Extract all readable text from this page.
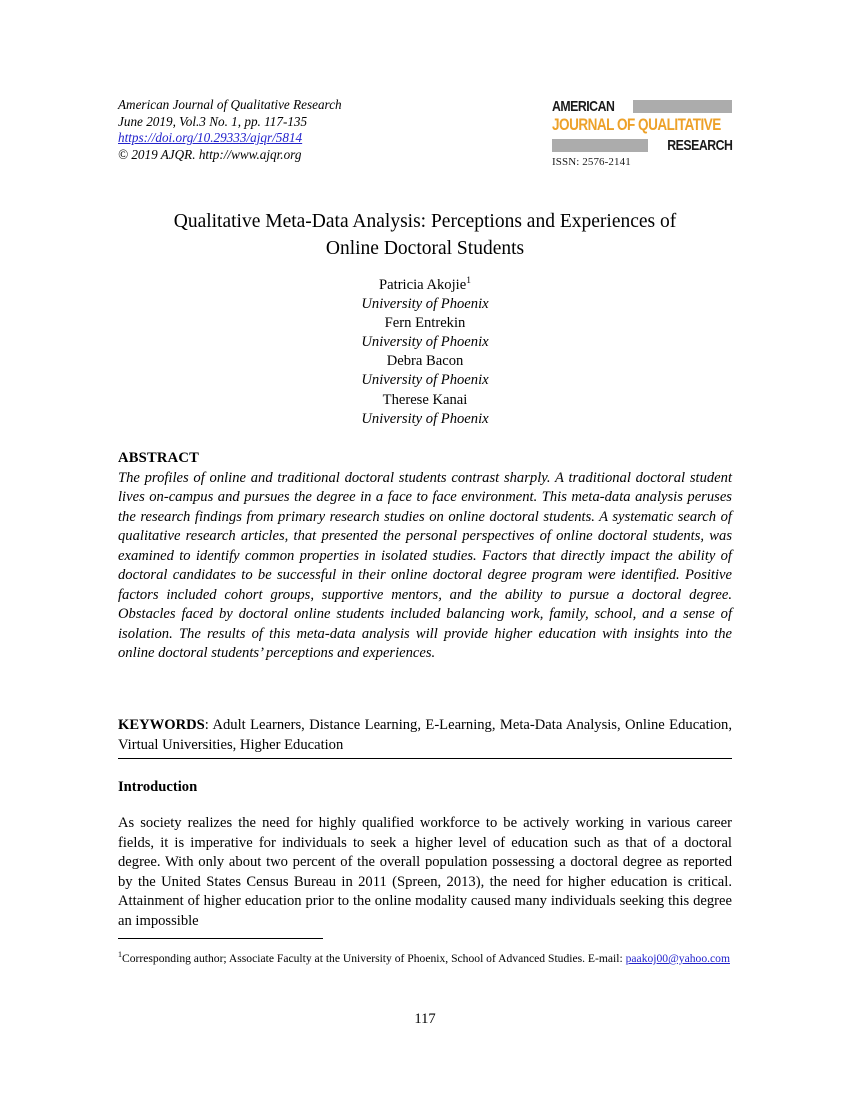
American Journal of Qualitative Research
June 2019, Vol.3 No. 1, pp. 117-135
https://doi.org/10.29333/ajqr/5814
© 2019 AJQR. http://www.ajqr.org
AMERICAN
JOURNAL OF QUALITATIVE
RESEARCH
ISSN: 2576-2141
Qualitative Meta-Data Analysis: Perceptions and Experiences of
Online Doctoral Students
Patricia Akojie$^1$
University of Phoenix
Fern Entrekin
University of Phoenix
Debra Bacon
University of Phoenix
Therese Kanai
University of Phoenix
ABSTRACT
The profiles of online and traditional doctoral students contrast sharply. A traditional doctoral student lives on-campus and pursues the degree in a face to face environment. This meta-data analysis peruses the research findings from primary research studies on online doctoral students. A systematic search of qualitative research articles, that presented the personal perspectives of online doctoral students, was examined to identify common properties in isolated studies. Factors that directly impact the ability of doctoral candidates to be successful in their online doctoral degree program were identified. Positive factors included cohort groups, supportive mentors, and the ability to pursue a doctoral degree. Obstacles faced by doctoral online students included balancing work, family, school, and a sense of isolation. The results of this meta-data analysis will provide higher education with insights into the online doctoral students’ perceptions and experiences.
KEYWORDS: Adult Learners, Distance Learning, E-Learning, Meta-Data Analysis, Online Education, Virtual Universities, Higher Education
Introduction
As society realizes the need for highly qualified workforce to be actively working in various career fields, it is imperative for individuals to seek a higher level of education such as that of a doctoral degree. With only about two percent of the overall population possessing a doctoral degree as reported by the United States Census Bureau in 2011 (Spreen, 2013), the need for higher education is critical. Attainment of higher education prior to the online modality caused many individuals seeking this degree an impossible
$^1$Corresponding author; Associate Faculty at the University of Phoenix, School of Advanced Studies. E-mail: paakoj00@yahoo.com
117
